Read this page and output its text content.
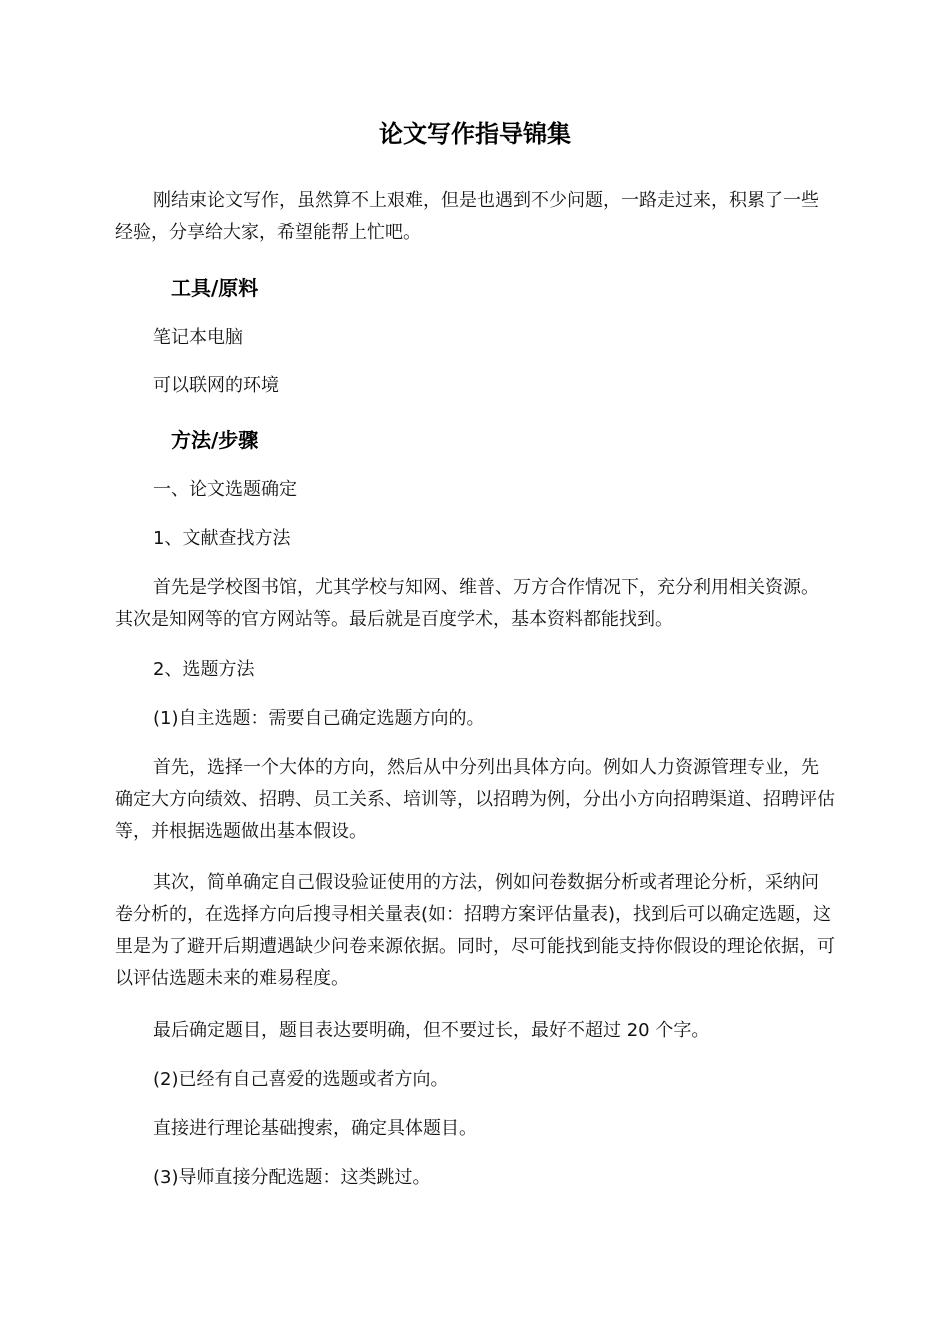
论文写作指导锦集

刚结束论文写作，虽然算不上艰难，但是也遇到不少问题，一路走过来，积累了一些经验，分享给大家，希望能帮上忙吧。

工具/原料

笔记本电脑

可以联网的环境

方法/步骤

一、论文选题确定

1、文献查找方法

首先是学校图书馆，尤其学校与知网、维普、万方合作情况下，充分利用相关资源。其次是知网等的官方网站等。最后就是百度学术，基本资料都能找到。

2、选题方法

(1)自主选题：需要自己确定选题方向的。

首先，选择一个大体的方向，然后从中分列出具体方向。例如人力资源管理专业，先确定大方向绩效、招聘、员工关系、培训等，以招聘为例，分出小方向招聘渠道、招聘评估等，并根据选题做出基本假设。

其次，简单确定自己假设验证使用的方法，例如问卷数据分析或者理论分析，采纳问卷分析的，在选择方向后搜寻相关量表(如：招聘方案评估量表)，找到后可以确定选题，这里是为了避开后期遭遇缺少问卷来源依据。同时，尽可能找到能支持你假设的理论依据，可以评估选题未来的难易程度。

最后确定题目，题目表达要明确，但不要过长，最好不超过 20 个字。

(2)已经有自己喜爱的选题或者方向。

直接进行理论基础搜索，确定具体题目。

(3)导师直接分配选题：这类跳过。
